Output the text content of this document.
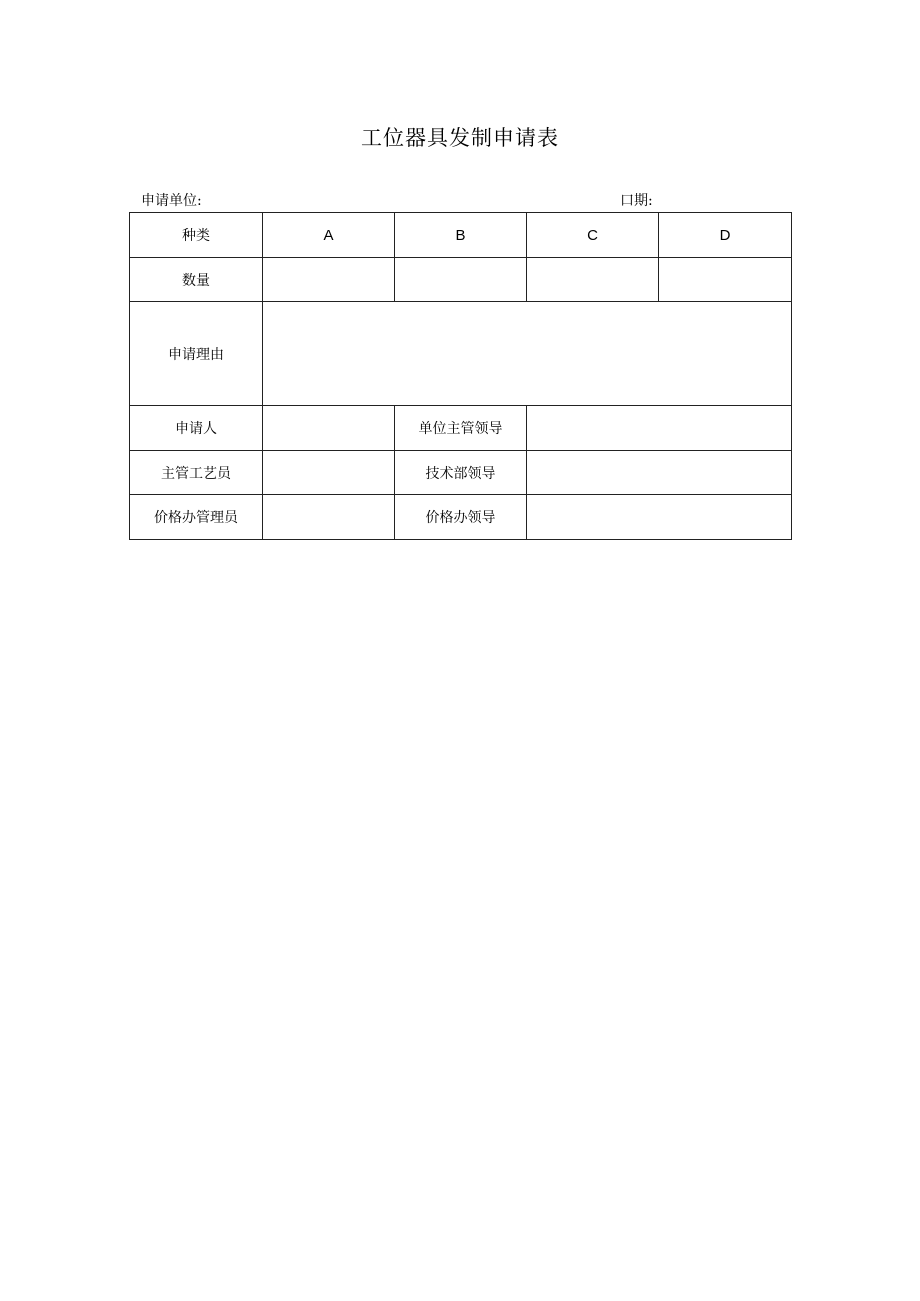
工位器具发制申请表
申请单位:	口期:
种类	A	B	C	D
数量				
申请理由				
申请人		单位主管领导		
主管工艺员		技术部领导		
价格办管理员		价格办领导		
